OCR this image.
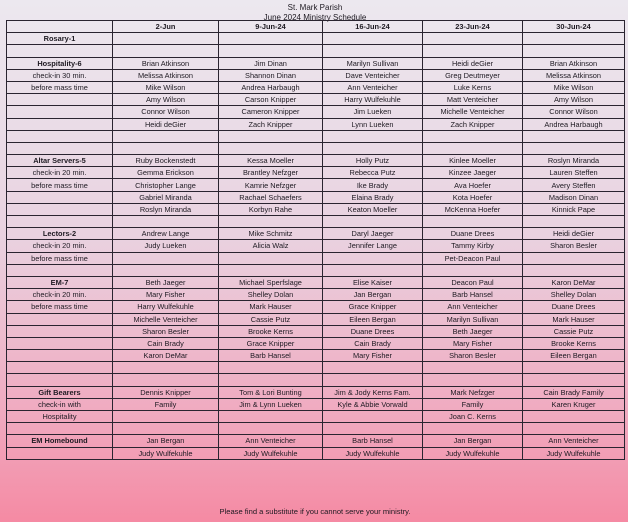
St. Mark Parish
June 2024 Ministry Schedule
	2-Jun	9-Jun-24	16-Jun-24	23-Jun-24	30-Jun-24
Rosary-1					

Hospitality-6	Brian Atkinson	Jim Dinan	Marilyn Sullivan	Heidi deGier	Brian Atkinson
check-in 30 min.	Melissa Atkinson	Shannon Dinan	Dave Venteicher	Greg Deutmeyer	Melissa Atkinson
before mass time	Mike Wilson	Andrea Harbaugh	Ann Venteicher	Luke Kerns	Mike Wilson
	Amy Wilson	Carson Knipper	Harry Wulfekuhle	Matt Venteicher	Amy Wilson
	Connor Wilson	Cameron Knipper	Jim Lueken	Michelle Venteicher	Connor Wilson
	Heidi deGier	Zach Knipper	Lynn Lueken	Zach Knipper	Andrea Harbaugh

Altar Servers-5	Ruby Bockenstedt	Kessa Moeller	Holly Putz	Kinlee Moeller	Roslyn Miranda
check-in 20 min.	Gemma Erickson	Brantley Nefzger	Rebecca Putz	Kinzee Jaeger	Lauren Steffen
before mass time	Christopher Lange	Kamrie Nefzger	Ike Brady	Ava Hoefer	Avery Steffen
	Gabriel Miranda	Rachael Schaefers	Elaina Brady	Kota Hoefer	Madison Dinan
	Roslyn Miranda	Korbyn Rahe	Keaton Moeller	McKenna Hoefer	Kinnick Pape

Lectors-2	Andrew Lange	Mike Schmitz	Daryl Jaeger	Duane Drees	Heidi deGier
check-in 20 min.	Judy Lueken	Alicia Walz	Jennifer Lange	Tammy Kirby	Sharon Besler
before mass time				Pet-Deacon Paul	

EM-7	Beth Jaeger	Michael Sperfslage	Elise Kaiser	Deacon Paul	Karon DeMar
check-in 20 min.	Mary Fisher	Shelley Dolan	Jan Bergan	Barb Hansel	Shelley Dolan
before mass time	Harry Wulfekuhle	Mark Hauser	Grace Knipper	Ann Venteicher	Duane Drees
	Michelle Venteicher	Cassie Putz	Eileen Bergan	Marilyn Sullivan	Mark Hauser
	Sharon Besler	Brooke Kerns	Duane Drees	Beth Jaeger	Cassie Putz
	Cain Brady	Grace Knipper	Cain Brady	Mary Fisher	Brooke Kerns
	Karon DeMar	Barb Hansel	Mary Fisher	Sharon Besler	Eileen Bergan

Gift Bearers	Dennis Knipper	Tom & Lori Bunting	Jim & Jody Kerns Fam.	Mark Nefzger	Cain Brady Family
check-in with	Family	Jim & Lynn Lueken	Kyle & Abbie Vorwald	Family	Karen Kruger
Hospitality				Joan C. Kerns	

EM Homebound	Jan Bergan	Ann Venteicher	Barb Hansel	Jan Bergan	Ann Venteicher
	Judy Wulfekuhle	Judy Wulfekuhle	Judy Wulfekuhle	Judy Wulfekuhle	Judy Wulfekuhle
Please find a substitute if you cannot serve your ministry.
